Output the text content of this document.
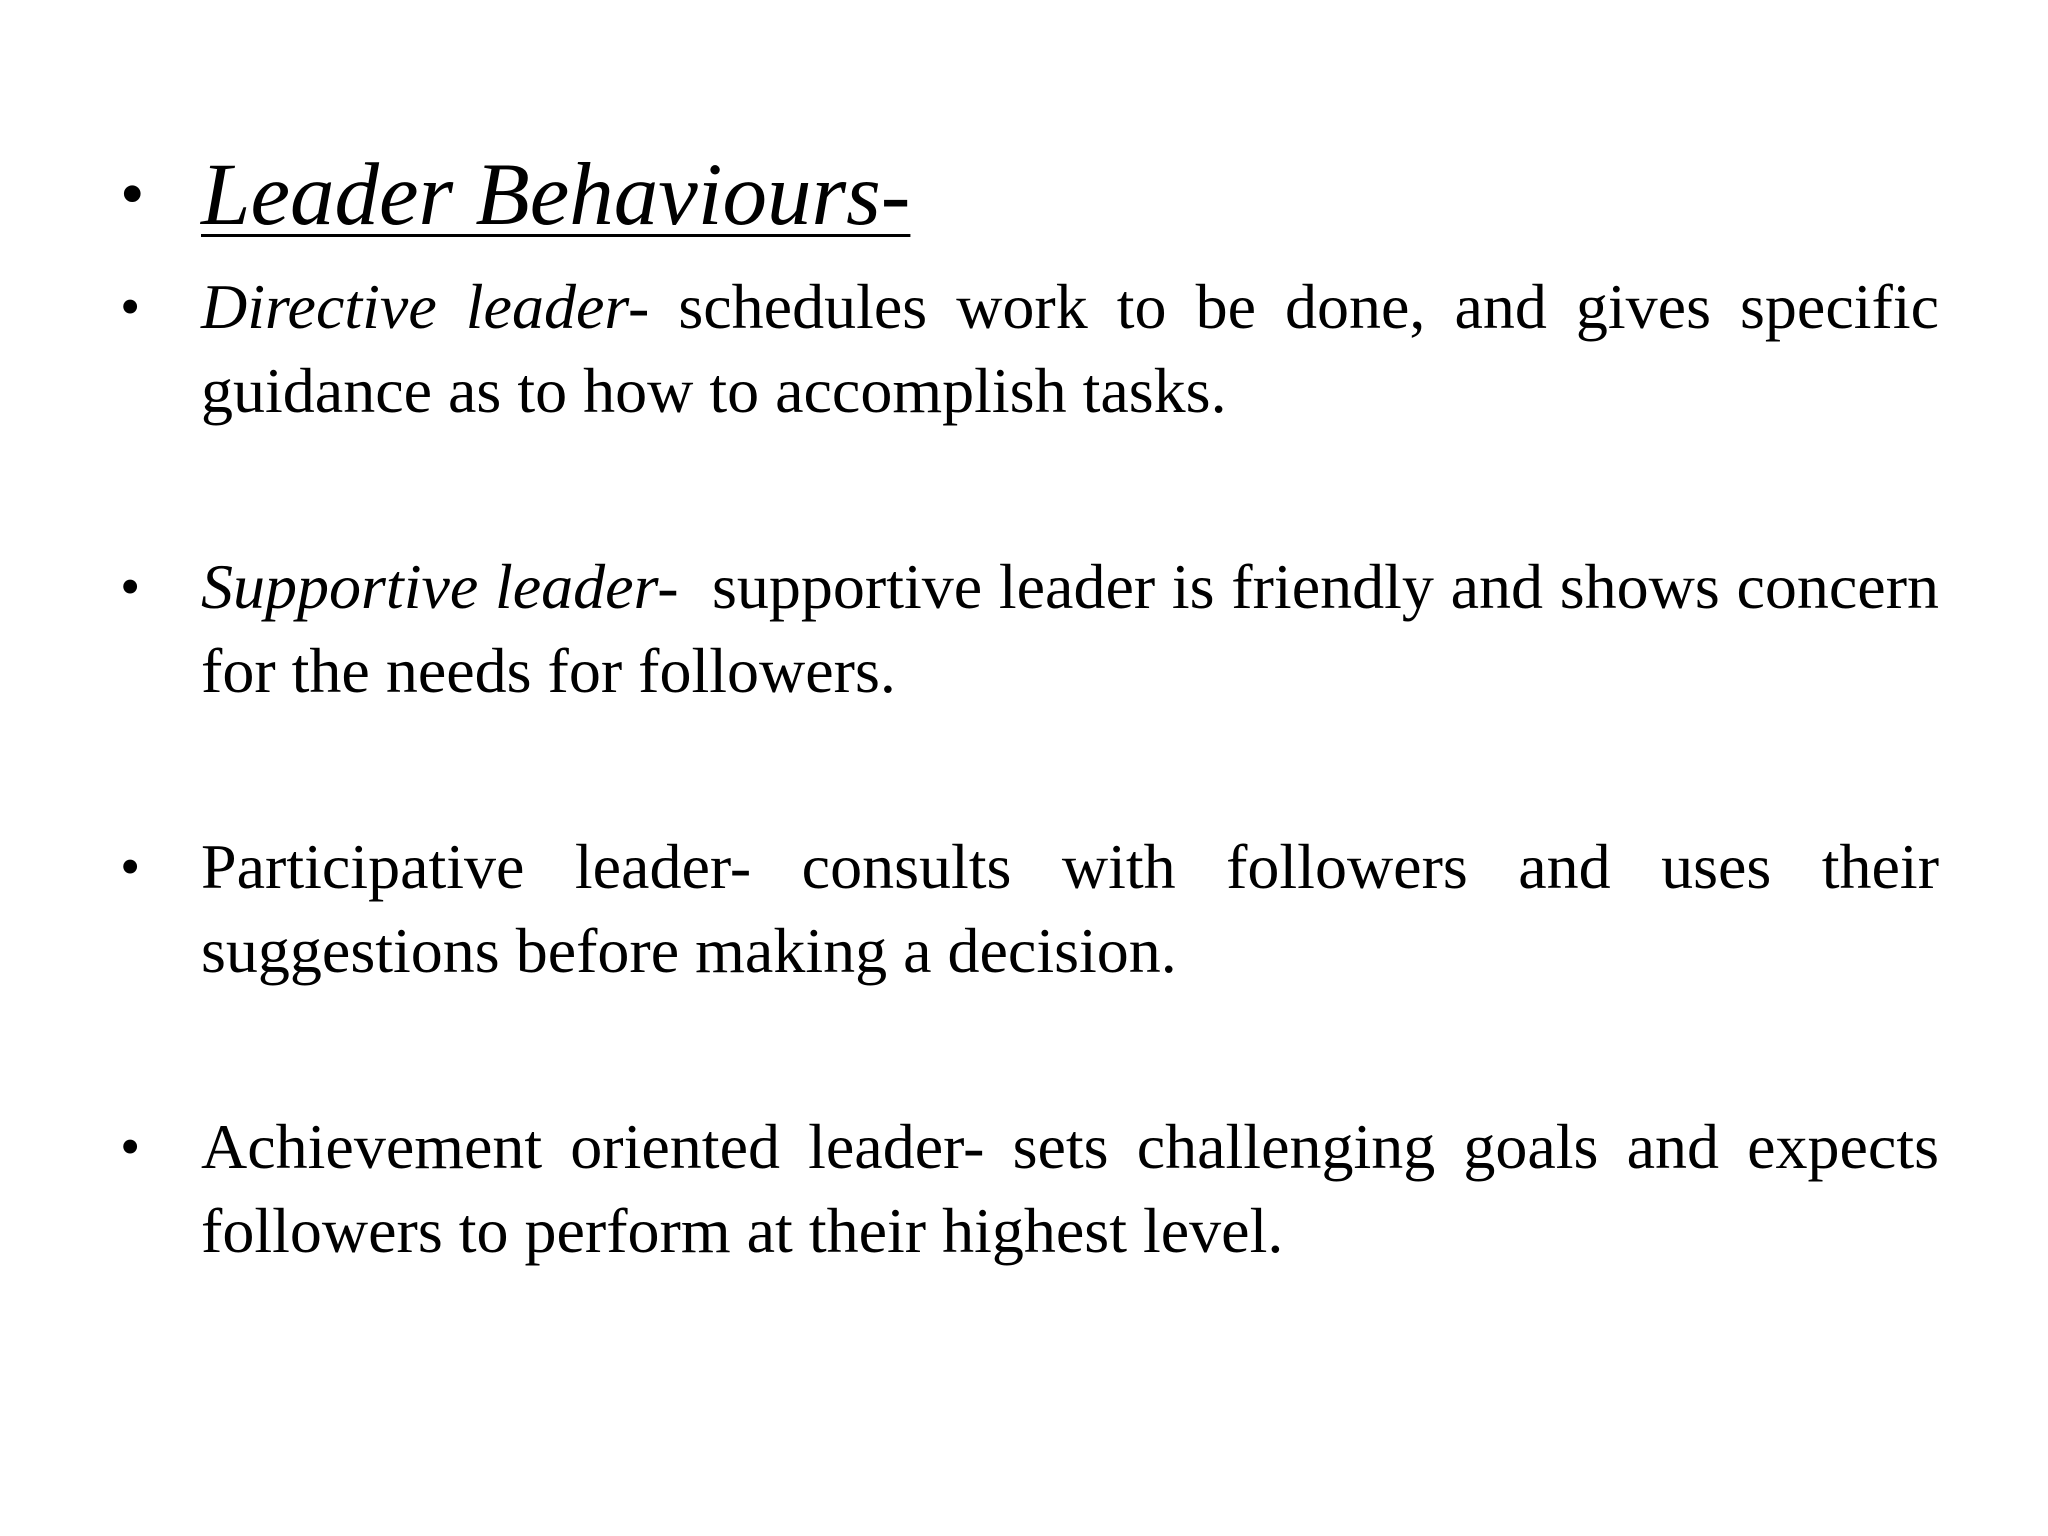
• Leader Behaviours-
• Directive leader- schedules work to be done, and gives specific guidance as to how to accomplish tasks.
• Supportive leader-  supportive leader is friendly and shows concern for the needs for followers.
• Participative leader- consults with followers and uses their suggestions before making a decision.
• Achievement oriented leader- sets challenging goals and expects followers to perform at their highest level.
